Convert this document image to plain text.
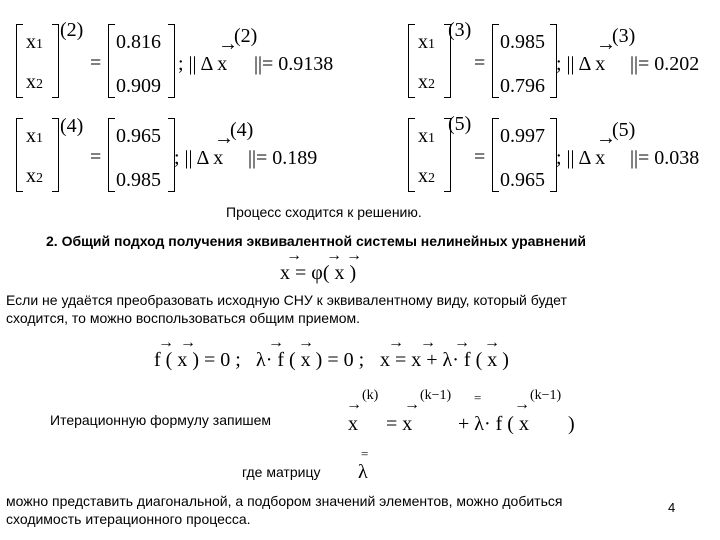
x1
x2
(2)
=
0.816
0.909
; || Δ x
→
(2)
||= 0.9138
x1
x2
(3)
=
0.985
0.796
; || Δ x
→
(3)
||= 0.202
x1
x2
(4)
=
0.965
0.985
; || Δ x
→
(4)
||= 0.189
x1
x2
(5)
=
0.997
0.965
; || Δ x
→
(5)
||= 0.038
Процесс сходится к решению.
2. Общий подход получения эквивалентной системы нелинейных уравнений
→ → →
x = φ( x )
Если не удаётся преобразовать исходную СНУ к эквивалентному виду, который будет
сходится, то можно воспользоваться общим приемом.
→ →
f ( x ) = 0 ;
→ →
λ· f ( x ) = 0 ;
→ → → →
x = x + λ· f ( x )
Итерационную формулу запишем
→
(k)
→
(k−1) = →
(k−1)
x = x + λ· f ( x )
где матрицу
=
λ
можно представить диагональной, а подбором значений элементов, можно добиться
сходимость итерационного процесса.
4
